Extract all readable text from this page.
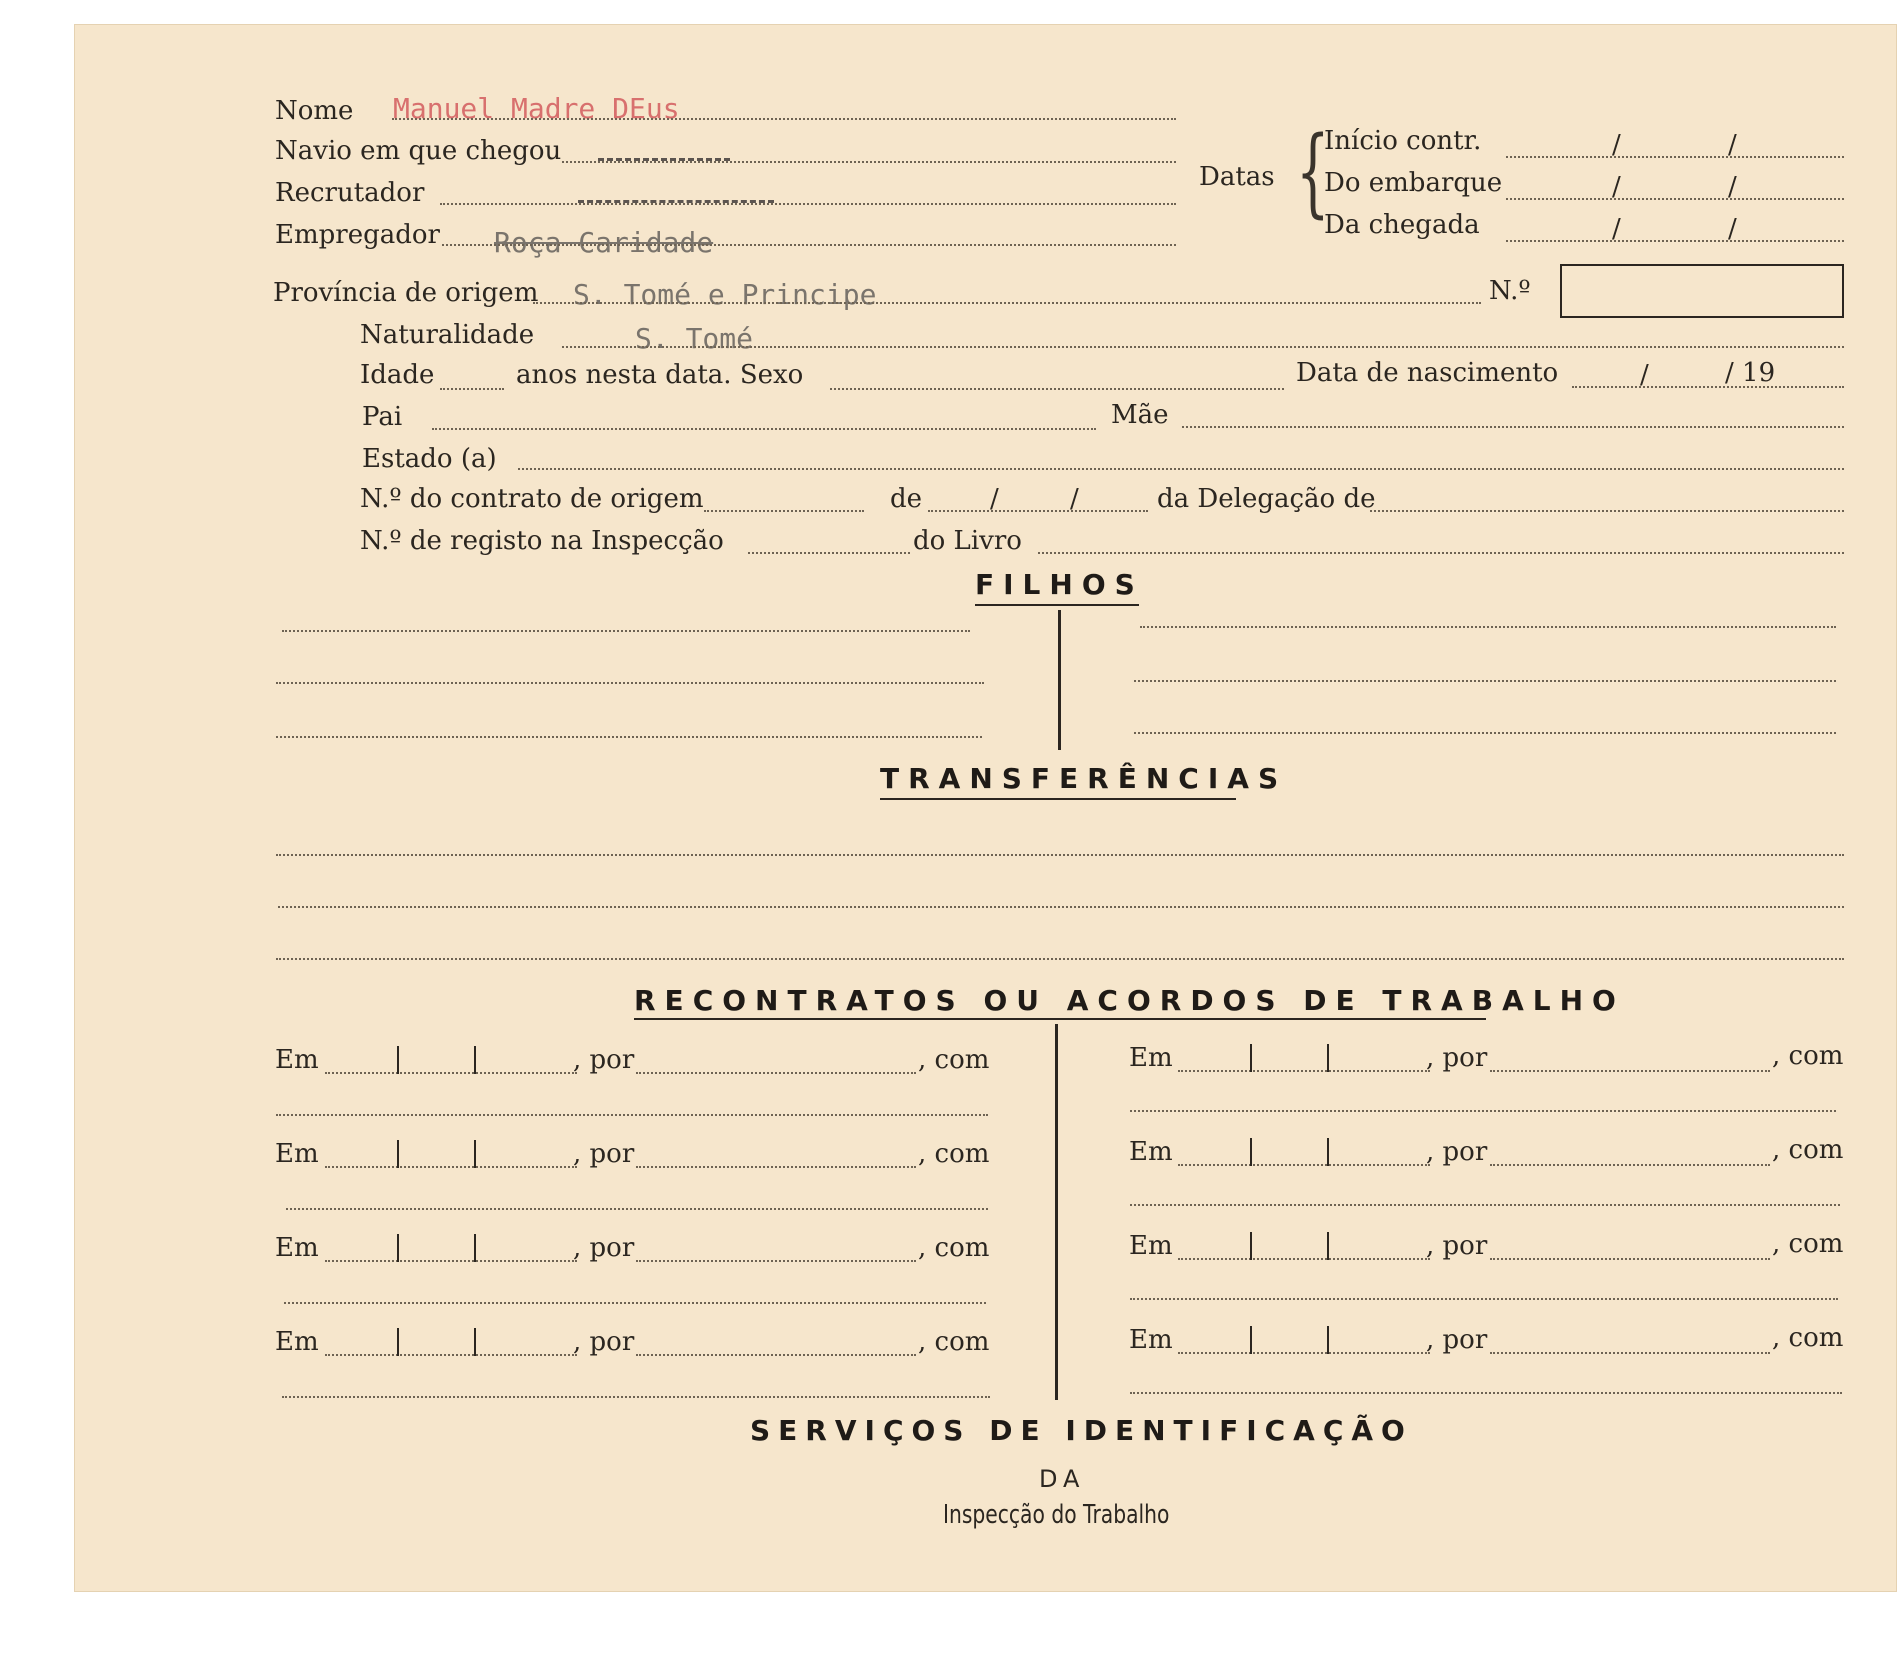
Nome Manuel Madre DEus
Navio em que chegou
Recrutador
Empregador Roça Caridade
Datas {
Início contr.	/	/
Do embarque	/	/
Da chegada	/	/
Província de origem S. Tomé e Principe	N.º
Naturalidade	S. Tomé
Idade	anos nesta data. Sexo	Data de nascimento	/	/ 19
Pai	Mãe
Estado (a)
N.º do contrato de origem	de	/	/	da Delegação de
N.º de registo na Inspecção	do Livro
FILHOS
TRANSFERÊNCIAS
RECONTRATOS OU ACORDOS DE TRABALHO
Em	, por	, com
Em	, por	, com
Em	, por	, com
Em	, por	, com
Em	, por	, com
Em	, por	, com
Em	, por	, com
Em	, por	, com
SERVIÇOS DE IDENTIFICAÇÃO
DA
Inspecção do Trabalho
